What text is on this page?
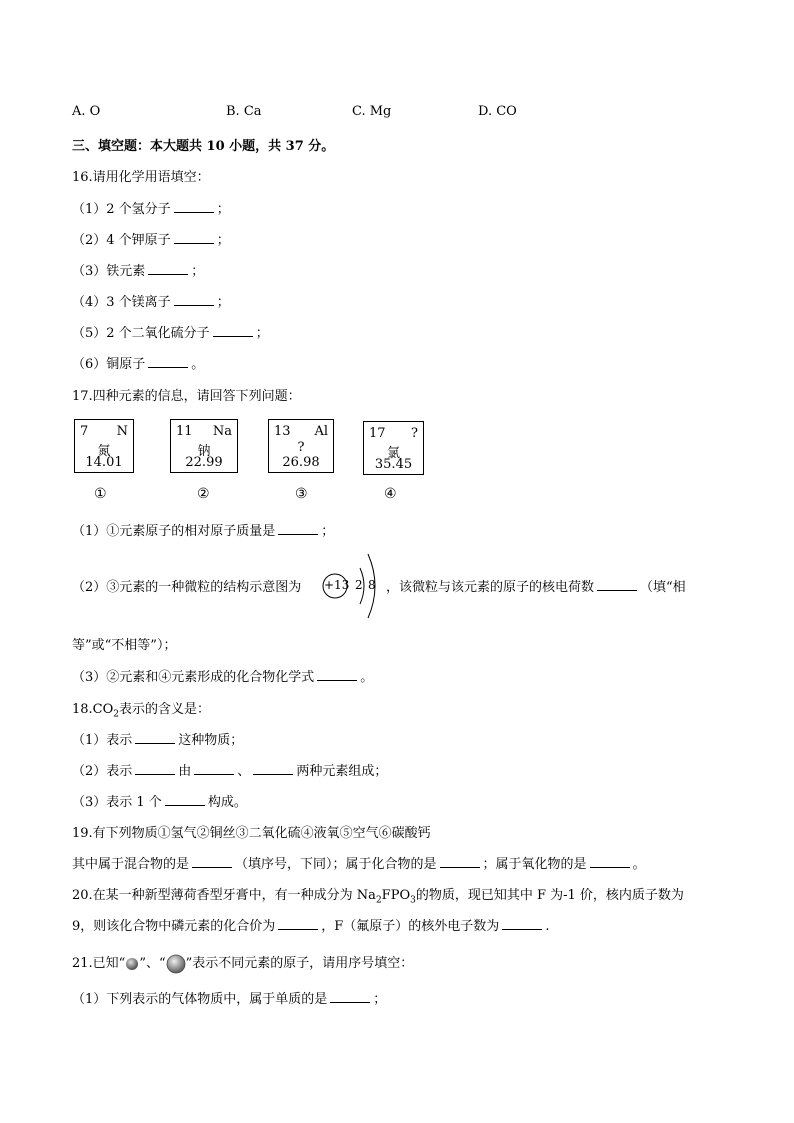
A. O	B. Ca	C. Mg	D. CO
三、填空题：本大题共 10 小题，共 37 分。
16.请用化学用语填空：
（1）2 个氢分子	；
（2）4 个钾原子	；
（3）铁元素	；
（4）3 个镁离子	；
（5）2 个二氧化硫分子	；
（6）铜原子	。
17.四种元素的信息，请回答下列问题：
7 N
氮
14.01
11 Na
钠
22.99
13 Al
?
26.98
17 ?
氯
35.45
①	②	③	④
（1）①元素原子的相对原子质量是	；
（2）③元素的一种微粒的结构示意图为 +13 2 8 ，该微粒与该元素的原子的核电荷数	（填“相
等”或“不相等”）；
（3）②元素和④元素形成的化合物化学式	。
$18.CO_2$表示的含义是：
（1）表示	这种物质；
（2）表示	由	、	两种元素组成；
（3）表示 1 个	构成。
19.有下列物质①氢气②铜丝③二氧化硫④液氧⑤空气⑥碳酸钙
其中属于混合物的是	（填序号，下同）；属于化合物的是	；属于氧化物的是	。
20.在某一种新型薄荷香型牙膏中，有一种成分为 $Na_2FPO_3$的物质，现已知其中 F 为-1 价，核内质子数为
9，则该化合物中磷元素的化合价为	，F（氟原子）的核外电子数为	.
21.已知“ ”、“ ”表示不同元素的原子，请用序号填空：
（1）下列表示的气体物质中，属于单质的是	；
